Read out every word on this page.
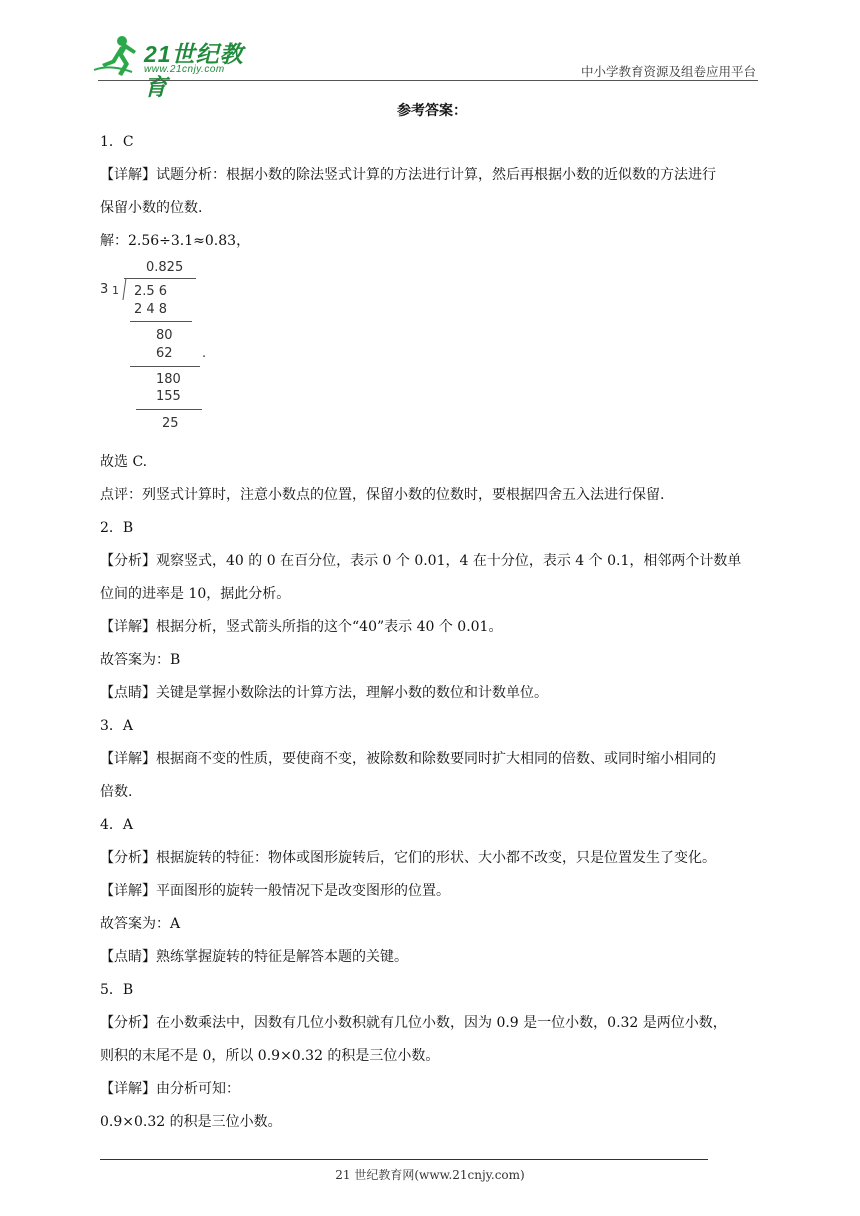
21世纪教育
www.21cnjy.com	中小学教育资源及组卷应用平台
参考答案：

1．C

【详解】试题分析：根据小数的除法竖式计算的方法进行计算，然后再根据小数的近似数的方法进行

保留小数的位数.

解：2.56÷3.1≈0.83，

0.825
3 1 2.5 6
2 4 8
80
62 .
180
155
25

故选 C.

点评：列竖式计算时，注意小数点的位置，保留小数的位数时，要根据四舍五入法进行保留.

2．B

【分析】观察竖式，40 的 0 在百分位，表示 0 个 0.01，4 在十分位，表示 4 个 0.1，相邻两个计数单

位间的进率是 10，据此分析。

【详解】根据分析，竖式箭头所指的这个“40”表示 40 个 0.01。

故答案为：B

【点睛】关键是掌握小数除法的计算方法，理解小数的数位和计数单位。

3．A

【详解】根据商不变的性质，要使商不变，被除数和除数要同时扩大相同的倍数、或同时缩小相同的

倍数.

4．A

【分析】根据旋转的特征：物体或图形旋转后，它们的形状、大小都不改变，只是位置发生了变化。

【详解】平面图形的旋转一般情况下是改变图形的位置。

故答案为：A

【点睛】熟练掌握旋转的特征是解答本题的关键。

5．B

【分析】在小数乘法中，因数有几位小数积就有几位小数，因为 0.9 是一位小数，0.32 是两位小数，

则积的末尾不是 0，所以 0.9×0.32 的积是三位小数。

【详解】由分析可知：

0.9×0.32 的积是三位小数。

21 世纪教育网(www.21cnjy.com)
